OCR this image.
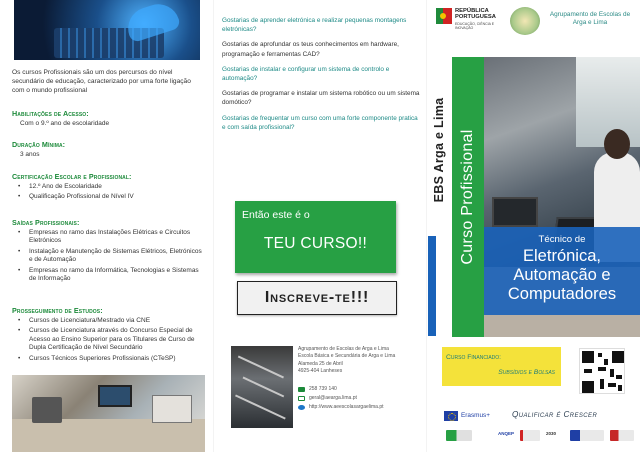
Os cursos Profissionais são um dos percursos do nível secundário de educação, caracterizado por uma forte ligação com o mundo profissional
Habilitações de Acesso:
Com o 9.º ano de escolaridade
Duração Mínima:
3 anos
Certificação Escolar e Profissional:
• 12.º Ano de Escolaridade
• Qualificação Profissional de Nível IV
Saídas Profissionais:
• Empresas no ramo das Instalações Elétricas e Circuitos Eletrónicos
• Instalação e Manutenção de Sistemas Elétricos, Eletrónicos e de Automação
• Empresas no ramo da Informática, Tecnologias e Sistemas de Informação
Prosseguimento de Estudos:
• Cursos de Licenciatura/Mestrado via CNE
• Cursos de Licenciatura através do Concurso Especial de Acesso ao Ensino Superior para os Titulares de Curso de Dupla Certificação de Nível Secundário
• Cursos Técnicos Superiores Profissionais (CTeSP)

Gostarias de aprender eletrónica e realizar pequenas montagens eletrónicas?

Gostarias de aprofundar os teus conhecimentos em hardware, programação e ferramentas CAD?

Gostarias de instalar e configurar um sistema de controlo e automação?

Gostarias de programar e instalar um sistema robótico ou um sistema domótico?

Gostarias de frequentar um curso com uma forte componente pratica e com saída profissional?

Então este é o
TEU CURSO!!
Inscreve-te!!!
Agrupamento de Escolas de Arga e Lima
Escola Básica e Secundária de Arga e Lima
Alameda 25 de Abril
4925-404 Lanheses
258 739 140
geral@aearga.lima.pt
http://www.aeescolasargaelima.pt
REPÚBLICA PORTUGUESA
EDUCAÇÃO, CIÊNCIA E INOVAÇÃO
Agrupamento de Escolas de Arga e Lima
Curso Profissional
EBS Arga e Lima
Técnico de
Eletrónica,
Automação e
Computadores
Curso Financiado:
Subsídios e Bolsas
Erasmus+	Qualificar é Crescer
ANQEP	2030
